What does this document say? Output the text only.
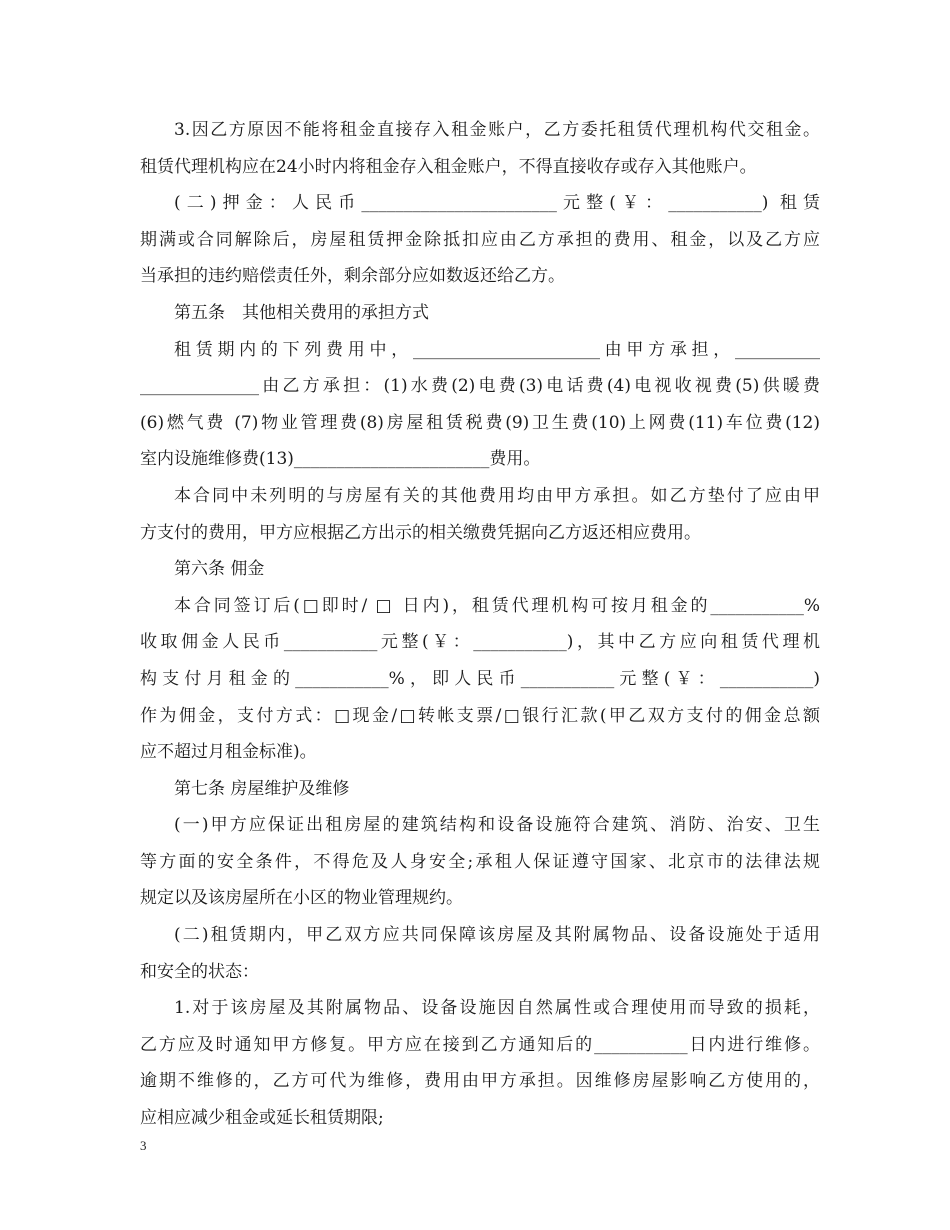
3.因乙方原因不能将租金直接存入租金账户，乙方委托租赁代理机构代交租金。
租赁代理机构应在24小时内将租金存入租金账户，不得直接收存或存入其他账户。
(二)押金：人民币_______________________元整(￥：___________) 租赁
期满或合同解除后，房屋租赁押金除抵扣应由乙方承担的费用、租金，以及乙方应
当承担的违约赔偿责任外，剩余部分应如数返还给乙方。
第五条　其他相关费用的承担方式
租赁期内的下列费用中，______________________由甲方承担，__________
______________由乙方承担：(1)水费(2)电费(3)电话费(4)电视收视费(5)供暖费
(6)燃气费 (7)物业管理费(8)房屋租赁税费(9)卫生费(10)上网费(11)车位费(12)
室内设施维修费(13)_______________________费用。
本合同中未列明的与房屋有关的其他费用均由甲方承担。如乙方垫付了应由甲
方支付的费用，甲方应根据乙方出示的相关缴费凭据向乙方返还相应费用。
第六条 佣金
本合同签订后(□即时/ □ 日内)，租赁代理机构可按月租金的___________%
收取佣金人民币___________元整(￥：___________)，其中乙方应向租赁代理机
构支付月租金的___________%，即人民币___________元整(￥：___________)
作为佣金，支付方式：□现金/□转帐支票/□银行汇款(甲乙双方支付的佣金总额
应不超过月租金标准)。
第七条 房屋维护及维修
(一)甲方应保证出租房屋的建筑结构和设备设施符合建筑、消防、治安、卫生
等方面的安全条件，不得危及人身安全;承租人保证遵守国家、北京市的法律法规
规定以及该房屋所在小区的物业管理规约。
(二)租赁期内，甲乙双方应共同保障该房屋及其附属物品、设备设施处于适用
和安全的状态：
1.对于该房屋及其附属物品、设备设施因自然属性或合理使用而导致的损耗，
乙方应及时通知甲方修复。甲方应在接到乙方通知后的___________日内进行维修。
逾期不维修的，乙方可代为维修，费用由甲方承担。因维修房屋影响乙方使用的，
应相应减少租金或延长租赁期限;
3
